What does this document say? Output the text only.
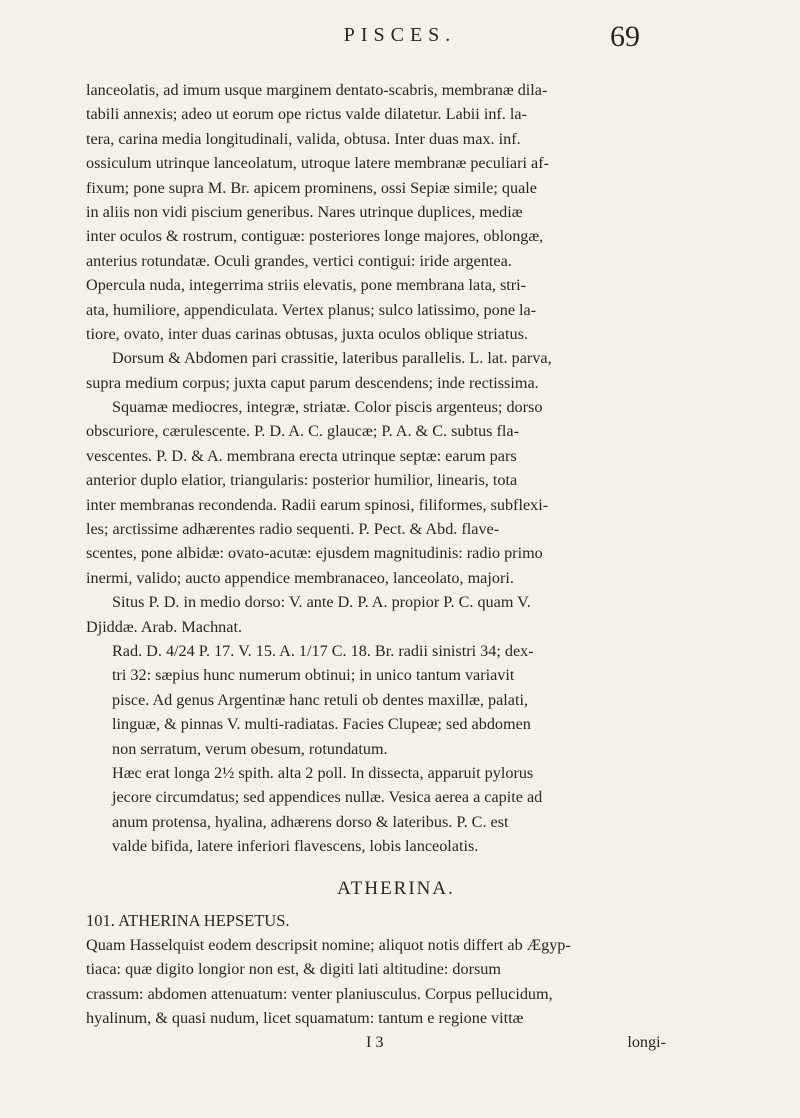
PISCES.	69
lanceolatis, ad imum usque marginem dentato-scabris, membranæ dila-
tabili annexis; adeo ut eorum ope rictus valde dilatetur. Labii inf. la-
tera, carina media longitudinali, valida, obtusa. Inter duas max. inf.
ossiculum utrinque lanceolatum, utroque latere membranæ peculiari af-
fixum; pone supra M. Br. apicem prominens, ossi Sepiæ simile; quale
in aliis non vidi piscium generibus. Nares utrinque duplices, mediæ
inter oculos & rostrum, contiguæ: posteriores longe majores, oblongæ,
anterius rotundatæ. Oculi grandes, vertici contigui: iride argentea.
Opercula nuda, integerrima striis elevatis, pone membrana lata, stri-
ata, humiliore, appendiculata. Vertex planus; sulco latissimo, pone la-
tiore, ovato, inter duas carinas obtusas, juxta oculos oblique striatus.
Dorsum & Abdomen pari crassitie, lateribus parallelis. L. lat. parva,
supra medium corpus; juxta caput parum descendens; inde rectissima.
Squamæ mediocres, integræ, striatæ. Color piscis argenteus; dorso
obscuriore, cærulescente. P. D. A. C. glaucæ; P. A. & C. subtus fla-
vescentes. P. D. & A. membrana erecta utrinque septæ: earum pars
anterior duplo elatior, triangularis: posterior humilior, linearis, tota
inter membranas recondenda. Radii earum spinosi, filiformes, subflexi-
les; arctissime adhærentes radio sequenti. P. Pect. & Abd. flave-
scentes, pone albidæ: ovato-acutæ: ejusdem magnitudinis: radio primo
inermi, valido; aucto appendice membranaceo, lanceolato, majori.
Situs P. D. in medio dorso: V. ante D. P. A. propior P. C. quam V.
Djiddæ. Arab. Machnat.
Rad. D. 4/24 P. 17. V. 15. A. 1/17 C. 18. Br. radii sinistri 34; dex-
tri 32: sæpius hunc numerum obtinui; in unico tantum variavit
pisce. Ad genus Argentinæ hanc retuli ob dentes maxillæ, palati,
linguæ, & pinnas V. multi-radiatas. Facies Clupeæ; sed abdomen
non serratum, verum obesum, rotundatum.
Hæc erat longa 2½ spith. alta 2 poll. In dissecta, apparuit pylorus
jecore circumdatus; sed appendices nullæ. Vesica aerea a capite ad
anum protensa, hyalina, adhærens dorso & lateribus. P. C. est
valde bifida, latere inferiori flavescens, lobis lanceolatis.
ATHERINA.
101. ATHERINA HEPSETUS.
Quam Hasselquist eodem descripsit nomine; aliquot notis differt ab Ægyp-
tiaca: quæ digito longior non est, & digiti lati altitudine: dorsum
crassum: abdomen attenuatum: venter planiusculus. Corpus pellucidum,
hyalinum, & quasi nudum, licet squamatum: tantum e regione vittæ
I 3	longi-
